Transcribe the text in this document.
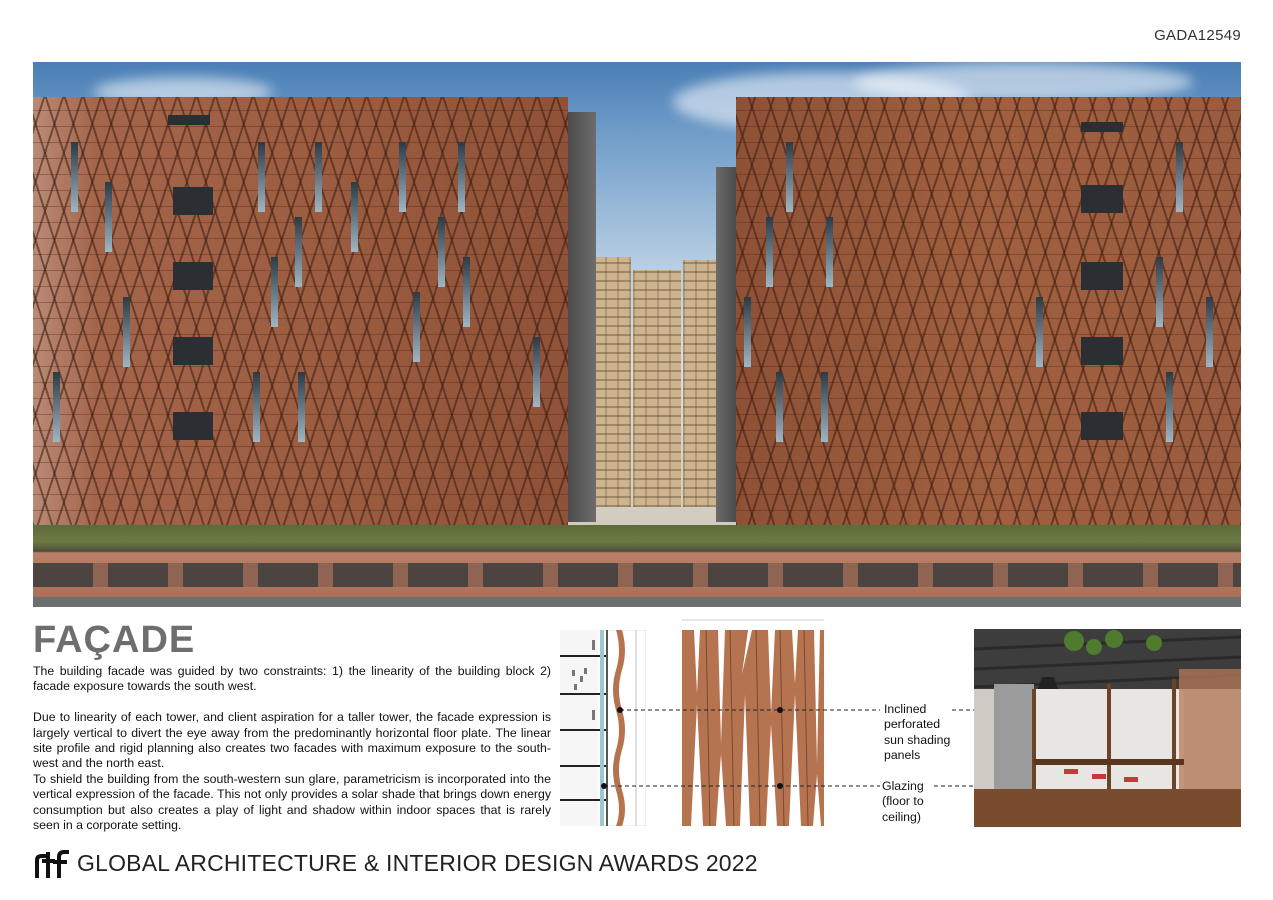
GADA12549
FAÇADE

The building facade was guided by two constraints: 1) the linearity of the building block 2) facade exposure towards the south west.

Due to linearity of each tower, and client aspiration for a taller tower, the facade expression is largely vertical to divert the eye away from the predominantly horizontal floor plate. The linear site profile and rigid planning also creates two facades with maximum exposure to the south-west and the north east.

To shield the building from the south-western sun glare, parametricism is incorporated into the vertical expression of the facade. This not only provides a solar shade that brings down energy consumption but also creates a play of light and shadow within indoor spaces that is rarely seen in a corporate setting.

Inclined
perforated
sun shading
panels
Glazing
(floor to
ceiling)
GLOBAL ARCHITECTURE & INTERIOR DESIGN AWARDS 2022
